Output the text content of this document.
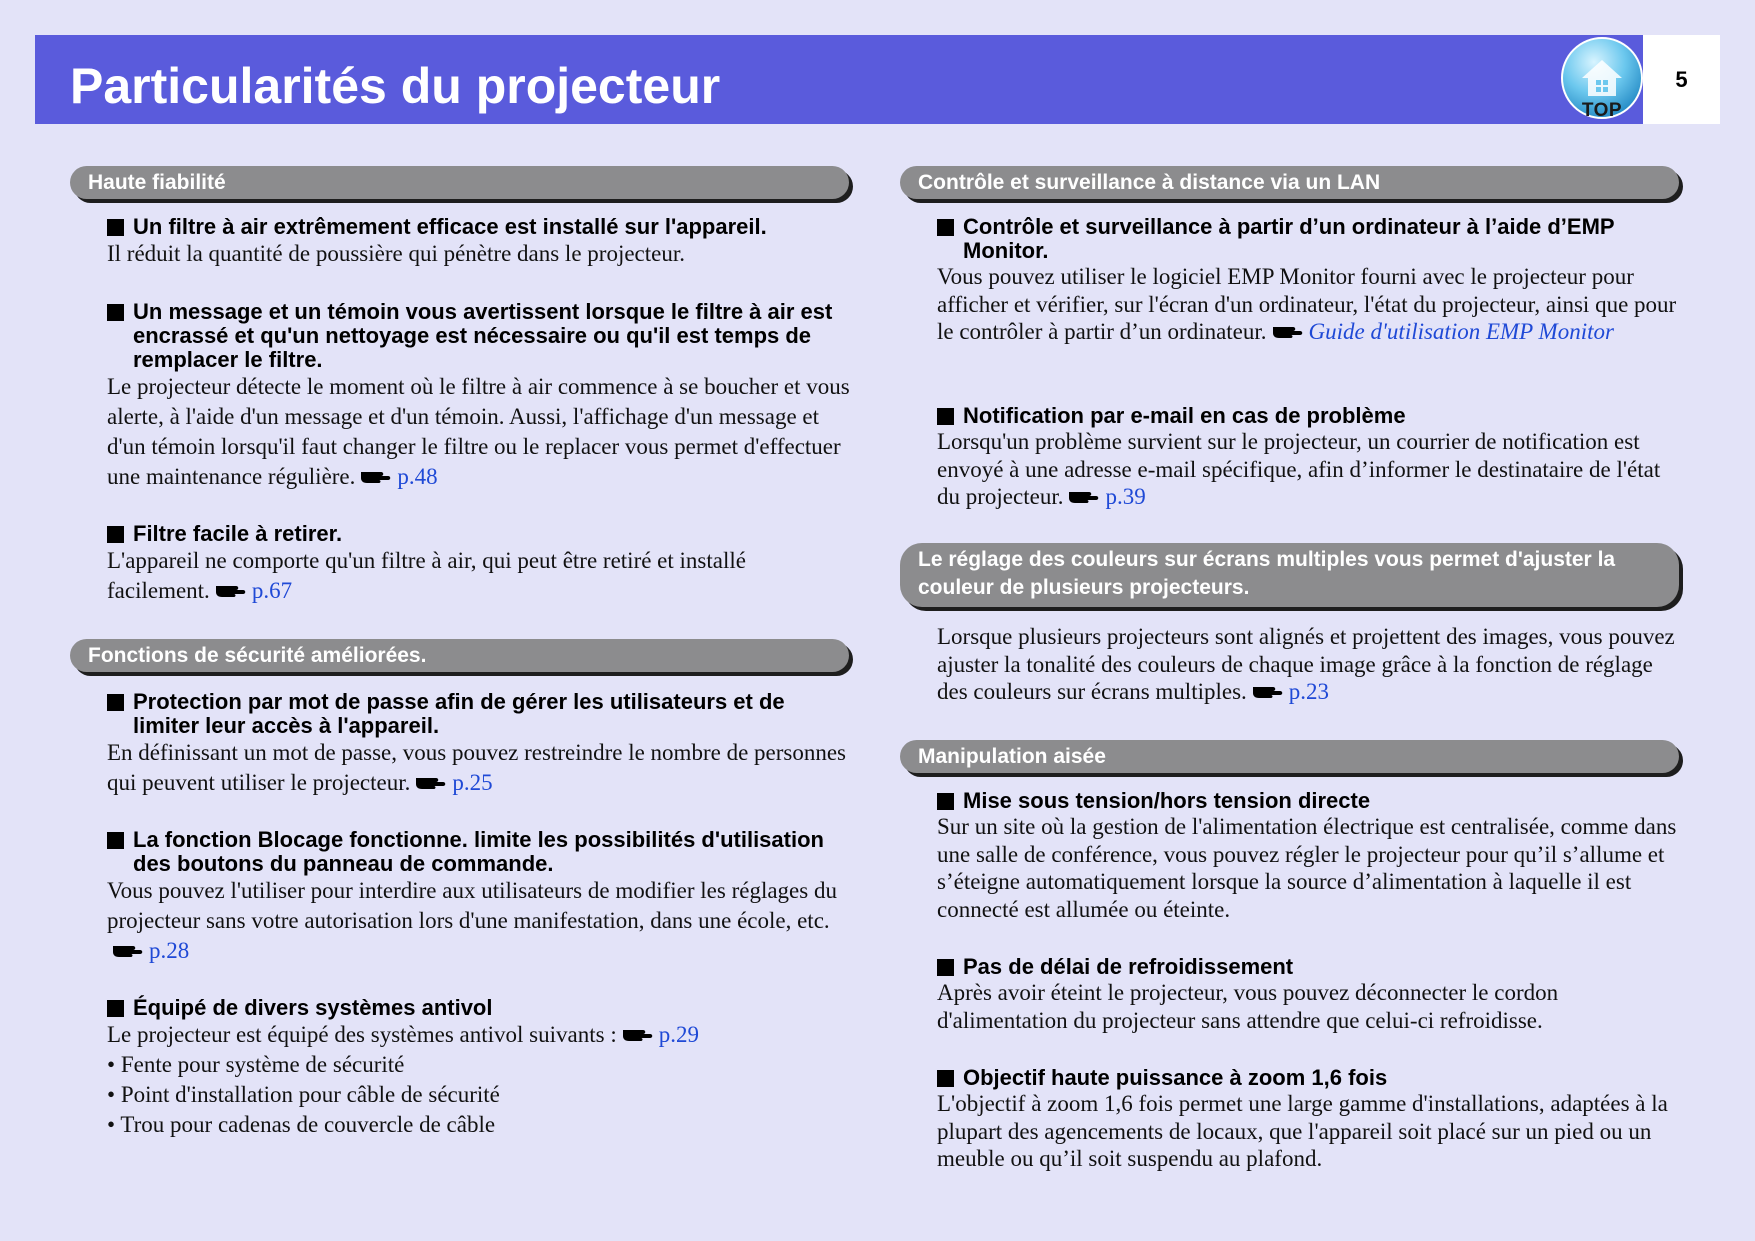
Particularités du projecteur	TOP
5
Haute fiabilité

Un filtre à air extrêmement efficace est installé sur l'appareil.

Il réduit la quantité de poussière qui pénètre dans le projecteur.

Un message et un témoin vous avertissent lorsque le filtre à air est encrassé et qu'un nettoyage est nécessaire ou qu'il est temps de remplacer le filtre.

Le projecteur détecte le moment où le filtre à air commence à se boucher et vous alerte, à l'aide d'un message et d'un témoin. Aussi, l'affichage d'un message et d'un témoin lorsqu'il faut changer le filtre ou le replacer vous permet d'effectuer une maintenance régulière. p.48

Filtre facile à retirer.

L'appareil ne comporte qu'un filtre à air, qui peut être retiré et installé facilement. p.67

Fonctions de sécurité améliorées.

Protection par mot de passe afin de gérer les utilisateurs et de limiter leur accès à l'appareil.

En définissant un mot de passe, vous pouvez restreindre le nombre de personnes qui peuvent utiliser le projecteur. p.25

La fonction Blocage fonctionne. limite les possibilités d'utilisation des boutons du panneau de commande.

Vous pouvez l'utiliser pour interdire aux utilisateurs de modifier les réglages du projecteur sans votre autorisation lors d'une manifestation, dans une école, etc.p.28

Équipé de divers systèmes antivol

Le projecteur est équipé des systèmes antivol suivants : p.29

• Fente pour système de sécurité
• Point d'installation pour câble de sécurité
• Trou pour cadenas de couvercle de câble
Contrôle et surveillance à distance via un LAN

Contrôle et surveillance à partir d’un ordinateur à l’aide d’EMP Monitor.

Vous pouvez utiliser le logiciel EMP Monitor fourni avec le projecteur pour afficher et vérifier, sur l'écran d'un ordinateur, l'état du projecteur, ainsi que pour le contrôler à partir d’un ordinateur. Guide d'utilisation EMP Monitor

Notification par e-mail en cas de problème

Lorsqu'un problème survient sur le projecteur, un courrier de notification est envoyé à une adresse e-mail spécifique, afin d’informer le destinataire de l'état du projecteur. p.39

Le réglage des couleurs sur écrans multiples vous permet d'ajuster la couleur de plusieurs projecteurs.

Lorsque plusieurs projecteurs sont alignés et projettent des images, vous pouvez ajuster la tonalité des couleurs de chaque image grâce à la fonction de réglage des couleurs sur écrans multiples. p.23

Manipulation aisée

Mise sous tension/hors tension directe

Sur un site où la gestion de l'alimentation électrique est centralisée, comme dans une salle de conférence, vous pouvez régler le projecteur pour qu’il s’allume et s’éteigne automatiquement lorsque la source d’alimentation à laquelle il est connecté est allumée ou éteinte.

Pas de délai de refroidissement

Après avoir éteint le projecteur, vous pouvez déconnecter le cordon d'alimentation du projecteur sans attendre que celui-ci refroidisse.

Objectif haute puissance à zoom 1,6 fois

L'objectif à zoom 1,6 fois permet une large gamme d'installations, adaptées à la plupart des agencements de locaux, que l'appareil soit placé sur un pied ou un meuble ou qu’il soit suspendu au plafond.
